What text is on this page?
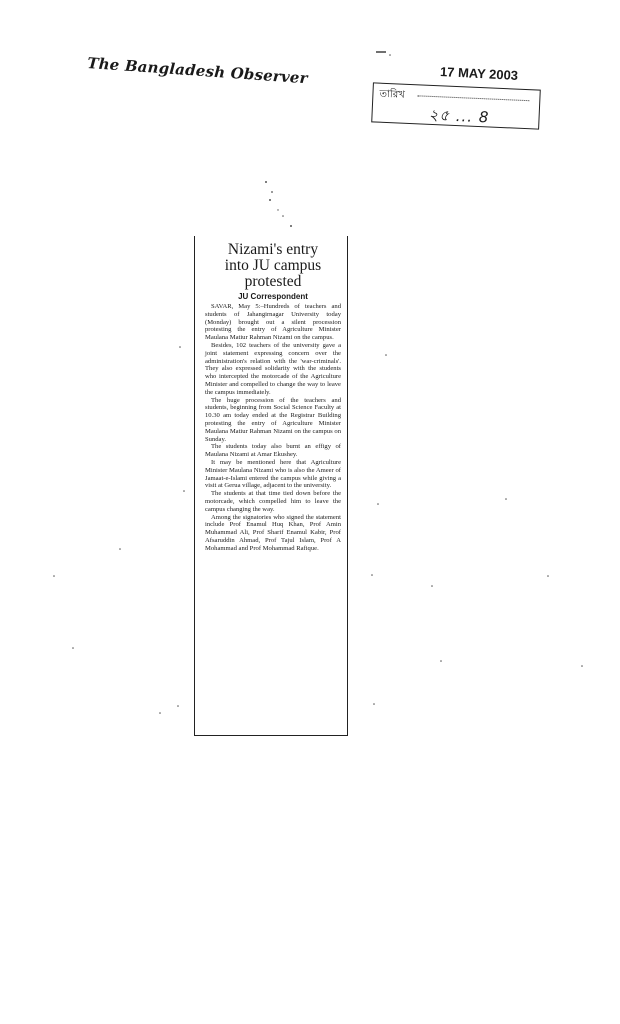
The Bangladesh Observer	17 MAY 2003
তারিখ
২৫ ... 8
Nizami's entry
into JU campus
protested
JU Correspondent

SAVAR, May 5:–Hundreds of teachers and students of Jahangirnagar University today (Monday) brought out a silent procession protesting the entry of Agriculture Minister Maulana Matiur Rahman Nizami on the campus.

Besides, 102 teachers of the university gave a joint statement expressing concern over the administration's relation with the 'war-criminals'. They also expressed solidarity with the students who intercepted the motorcade of the Agriculture Minister and compelled to change the way to leave the campus immediately.

The huge procession of the teachers and students, beginning from Social Science Faculty at 10.30 am today ended at the Registrar Building protesting the entry of Agriculture Minister Maulana Matiur Rahman Nizami on the campus on Sunday.

The students today also burnt an effigy of Maulana Nizami at Amar Ekushey.

It may be mentioned here that Agriculture Minister Maulana Nizami who is also the Ameer of Jamaat-e-Islami entered the campus while giving a visit at Gerua village, adjacent to the university.

The students at that time tied down before the motorcade, which compelled him to leave the campus changing the way.

Among the signatories who signed the statement include Prof Enamul Huq Khan, Prof Amin Muhammad Ali, Prof Sharif Enamul Kabir, Prof Afsaruddin Ahmad, Prof Tajul Islam, Prof A Mohammad and Prof Mohammad Rafique.
